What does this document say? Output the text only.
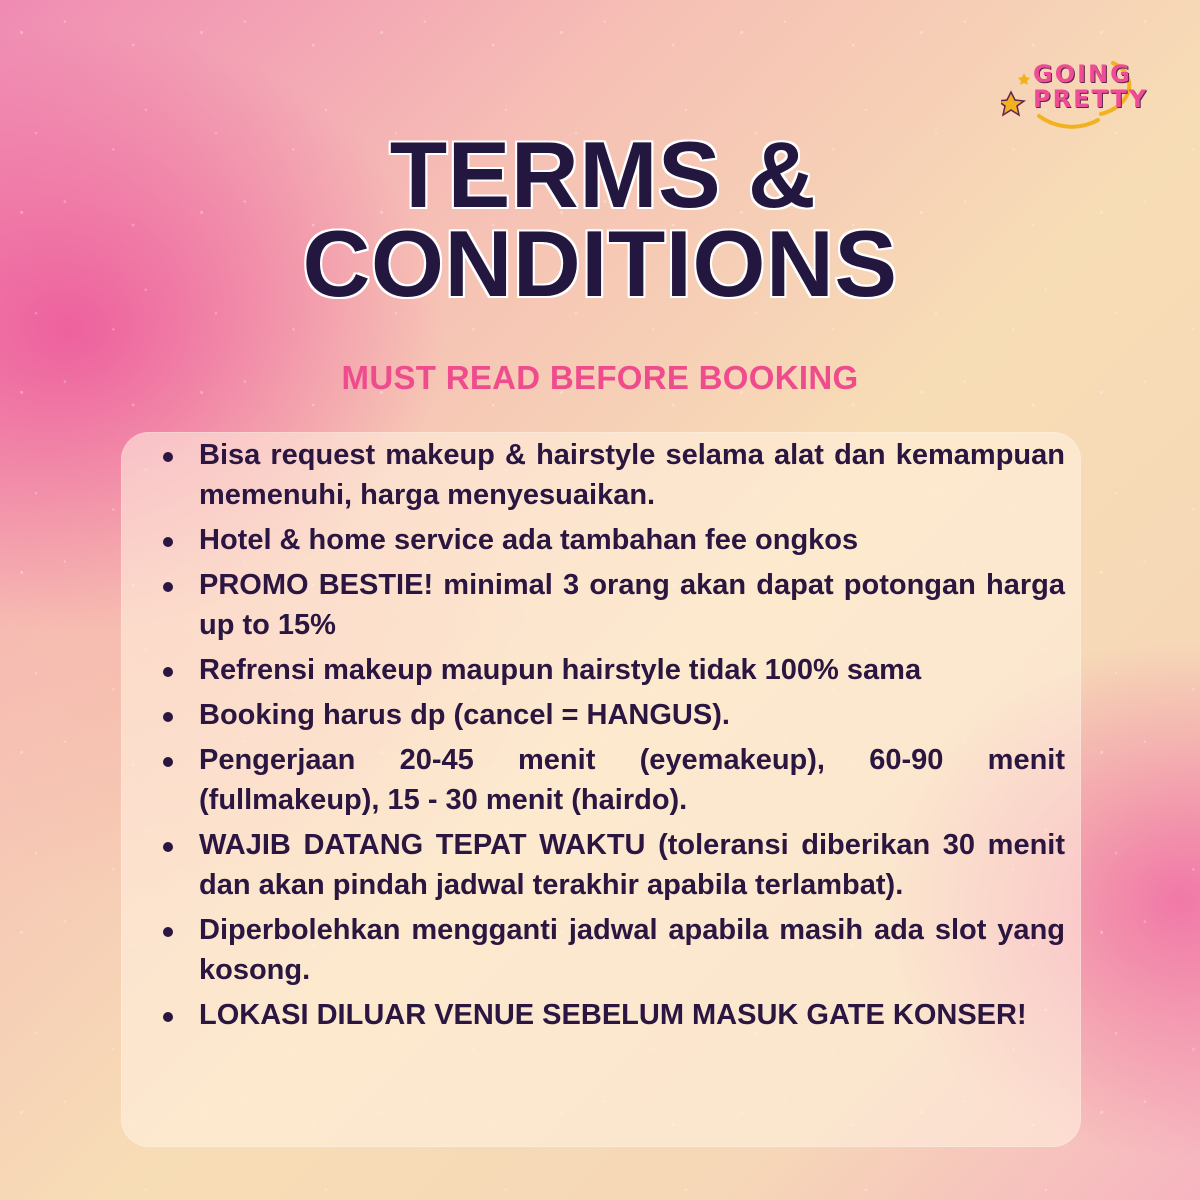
GOING
PRETTY
TERMS &
CONDITIONS
MUST READ BEFORE BOOKING
Bisa request makeup & hairstyle selama alat dan kemampuan memenuhi, harga menyesuaikan.
Hotel & home service ada tambahan fee ongkos
PROMO BESTIE! minimal 3 orang akan dapat potongan harga up to 15%
Refrensi makeup maupun hairstyle tidak 100% sama
Booking harus dp (cancel = HANGUS).
Pengerjaan 20-45 menit (eyemakeup), 60-90 menit (fullmakeup), 15 - 30 menit (hairdo).
WAJIB DATANG TEPAT WAKTU (toleransi diberikan 30 menit dan akan pindah jadwal terakhir apabila terlambat).
Diperbolehkan mengganti jadwal apabila masih ada slot yang kosong.
LOKASI DILUAR VENUE SEBELUM MASUK GATE KONSER!
